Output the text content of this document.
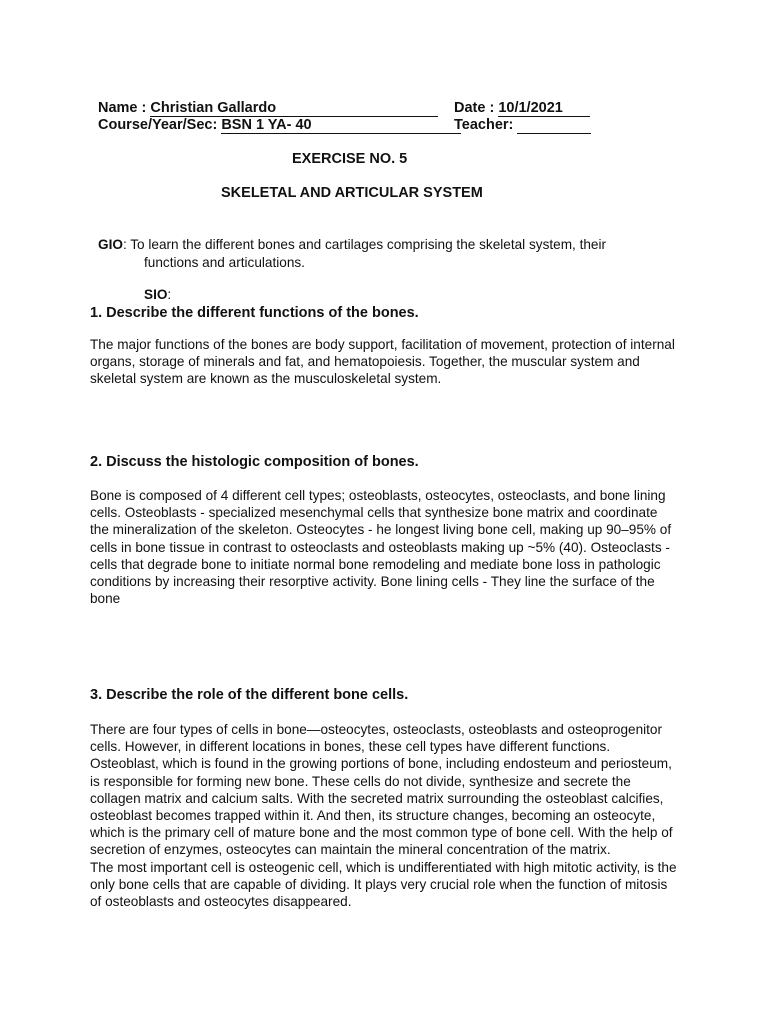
Name : Christian Gallardo	Date : 10/1/2021
Course/Year/Sec: BSN 1 YA- 40	Teacher:
EXERCISE NO. 5
SKELETAL AND ARTICULAR SYSTEM
GIO: To learn the different bones and cartilages comprising the skeletal system, their
functions and articulations.
SIO:
1. Describe the different functions of the bones.

The major functions of the bones are body support, facilitation of movement, protection of internal organs, storage of minerals and fat, and hematopoiesis. Together, the muscular system and skeletal system are known as the musculoskeletal system.

2. Discuss the histologic composition of bones.

Bone is composed of 4 different cell types; osteoblasts, osteocytes, osteoclasts, and bone lining cells. Osteoblasts - specialized mesenchymal cells that synthesize bone matrix and coordinate the mineralization of the skeleton. Osteocytes - he longest living bone cell, making up 90–95% of cells in bone tissue in contrast to osteoclasts and osteoblasts making up ~5% (40). Osteoclasts - cells that degrade bone to initiate normal bone remodeling and mediate bone loss in pathologic conditions by increasing their resorptive activity. Bone lining cells - They line the surface of the bone

3. Describe the role of the different bone cells.

There are four types of cells in bone—osteocytes, osteoclasts, osteoblasts and osteoprogenitor cells. However, in different locations in bones, these cell types have different functions. Osteoblast, which is found in the growing portions of bone, including endosteum and periosteum, is responsible for forming new bone. These cells do not divide, synthesize and secrete the collagen matrix and calcium salts. With the secreted matrix surrounding the osteoblast calcifies, osteoblast becomes trapped within it. And then, its structure changes, becoming an osteocyte, which is the primary cell of mature bone and the most common type of bone cell. With the help of secretion of enzymes, osteocytes can maintain the mineral concentration of the matrix.

The most important cell is osteogenic cell, which is undifferentiated with high mitotic activity, is the only bone cells that are capable of dividing. It plays very crucial role when the function of mitosis of osteoblasts and osteocytes disappeared.
